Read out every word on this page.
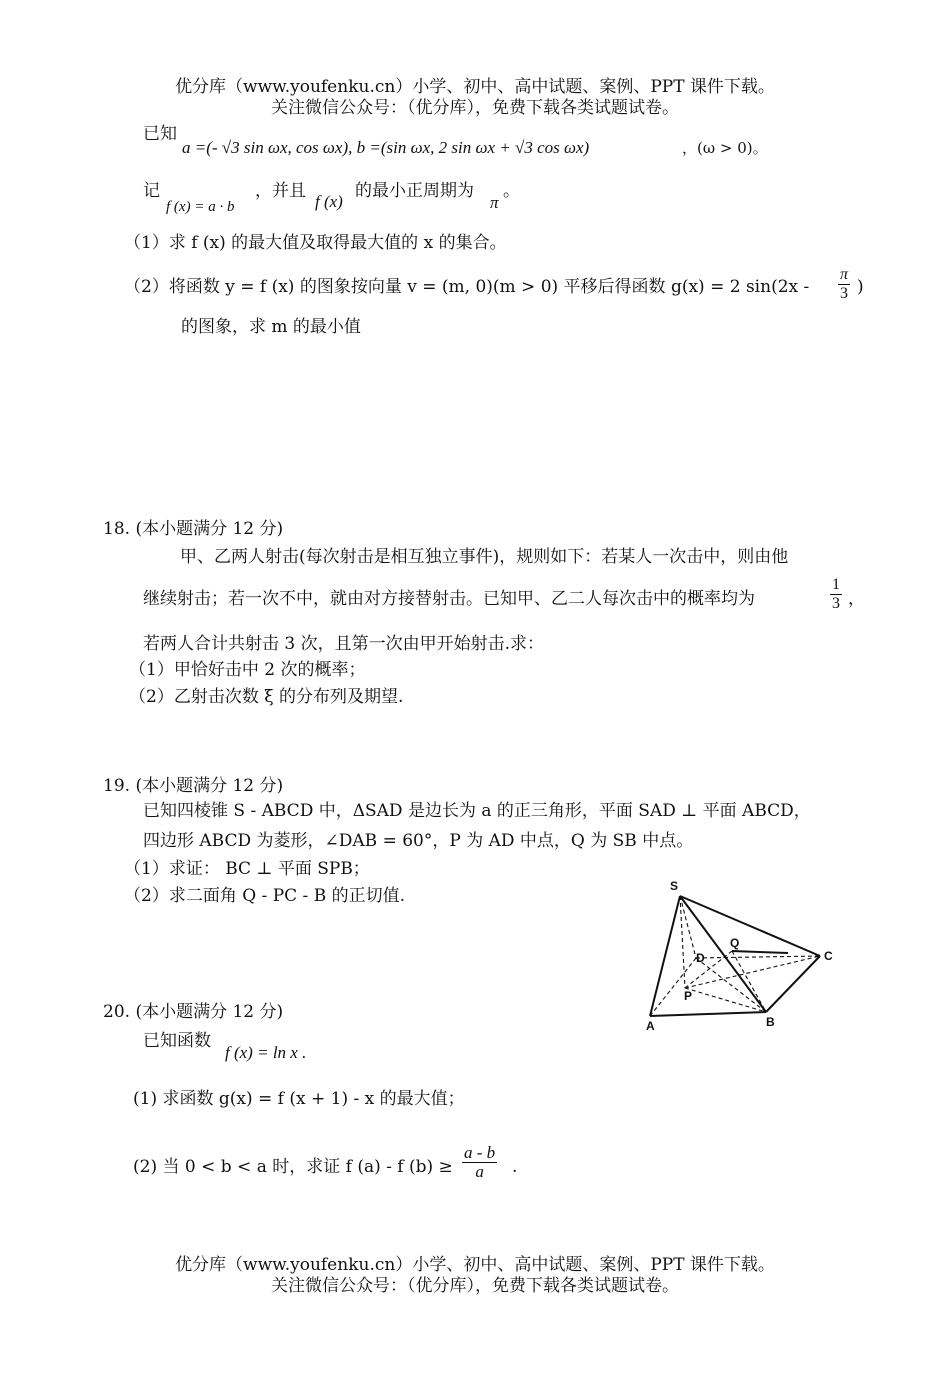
优分库（www.youfenku.cn）小学、初中、高中试题、案例、PPT 课件下载。
关注微信公众号：（优分库），免费下载各类试题试卷。
已知
a =(- √3 sin ωx, cos ωx), b =(sin ωx, 2 sin ωx + √3 cos ωx)	，(ω > 0)。
记
f (x) = a · b
，并且
f (x)
的最小正周期为
π
。
（1）求 f (x) 的最大值及取得最大值的 x 的集合。
（2）将函数 y = f (x) 的图象按向量 v = (m, 0)(m > 0) 平移后得函数 g(x) = 2 $\sin(2x - \frac{\pi}{3}$ )
的图象，求 m 的最小值
18. (本小题满分 12 分)
甲、乙两人射击(每次射击是相互独立事件)，规则如下：若某人一次击中，则由他
继续射击；若一次不中，就由对方接替射击。已知甲、乙二人每次击中的概率均为	$\frac{1}{3}$ ，
若两人合计共射击 3 次，且第一次由甲开始射击.求：
（1）甲恰好击中 2 次的概率；
（2）乙射击次数 ξ 的分布列及期望.
19. (本小题满分 12 分)
已知四棱锥 S - ABCD 中，ΔSAD 是边长为 a 的正三角形，平面 SAD ⊥ 平面 ABCD，
四边形 ABCD 为菱形，∠DAB = 60°，P 为 AD 中点，Q 为 SB 中点。
（1）求证： BC ⊥ 平面 SPB；
（2）求二面角 Q - PC - B 的正切值.	S
Q
D	C
P
A	B
20. (本小题满分 12 分)
已知函数
f (x) = ln x .
(1) 求函数 g(x) = f (x + 1) - x 的最大值；
(2) 当 0 < b < a 时，求证 f (a) - f $(b) \ge \frac{a - b}{a}$ .
优分库（www.youfenku.cn）小学、初中、高中试题、案例、PPT 课件下载。
关注微信公众号：（优分库），免费下载各类试题试卷。
